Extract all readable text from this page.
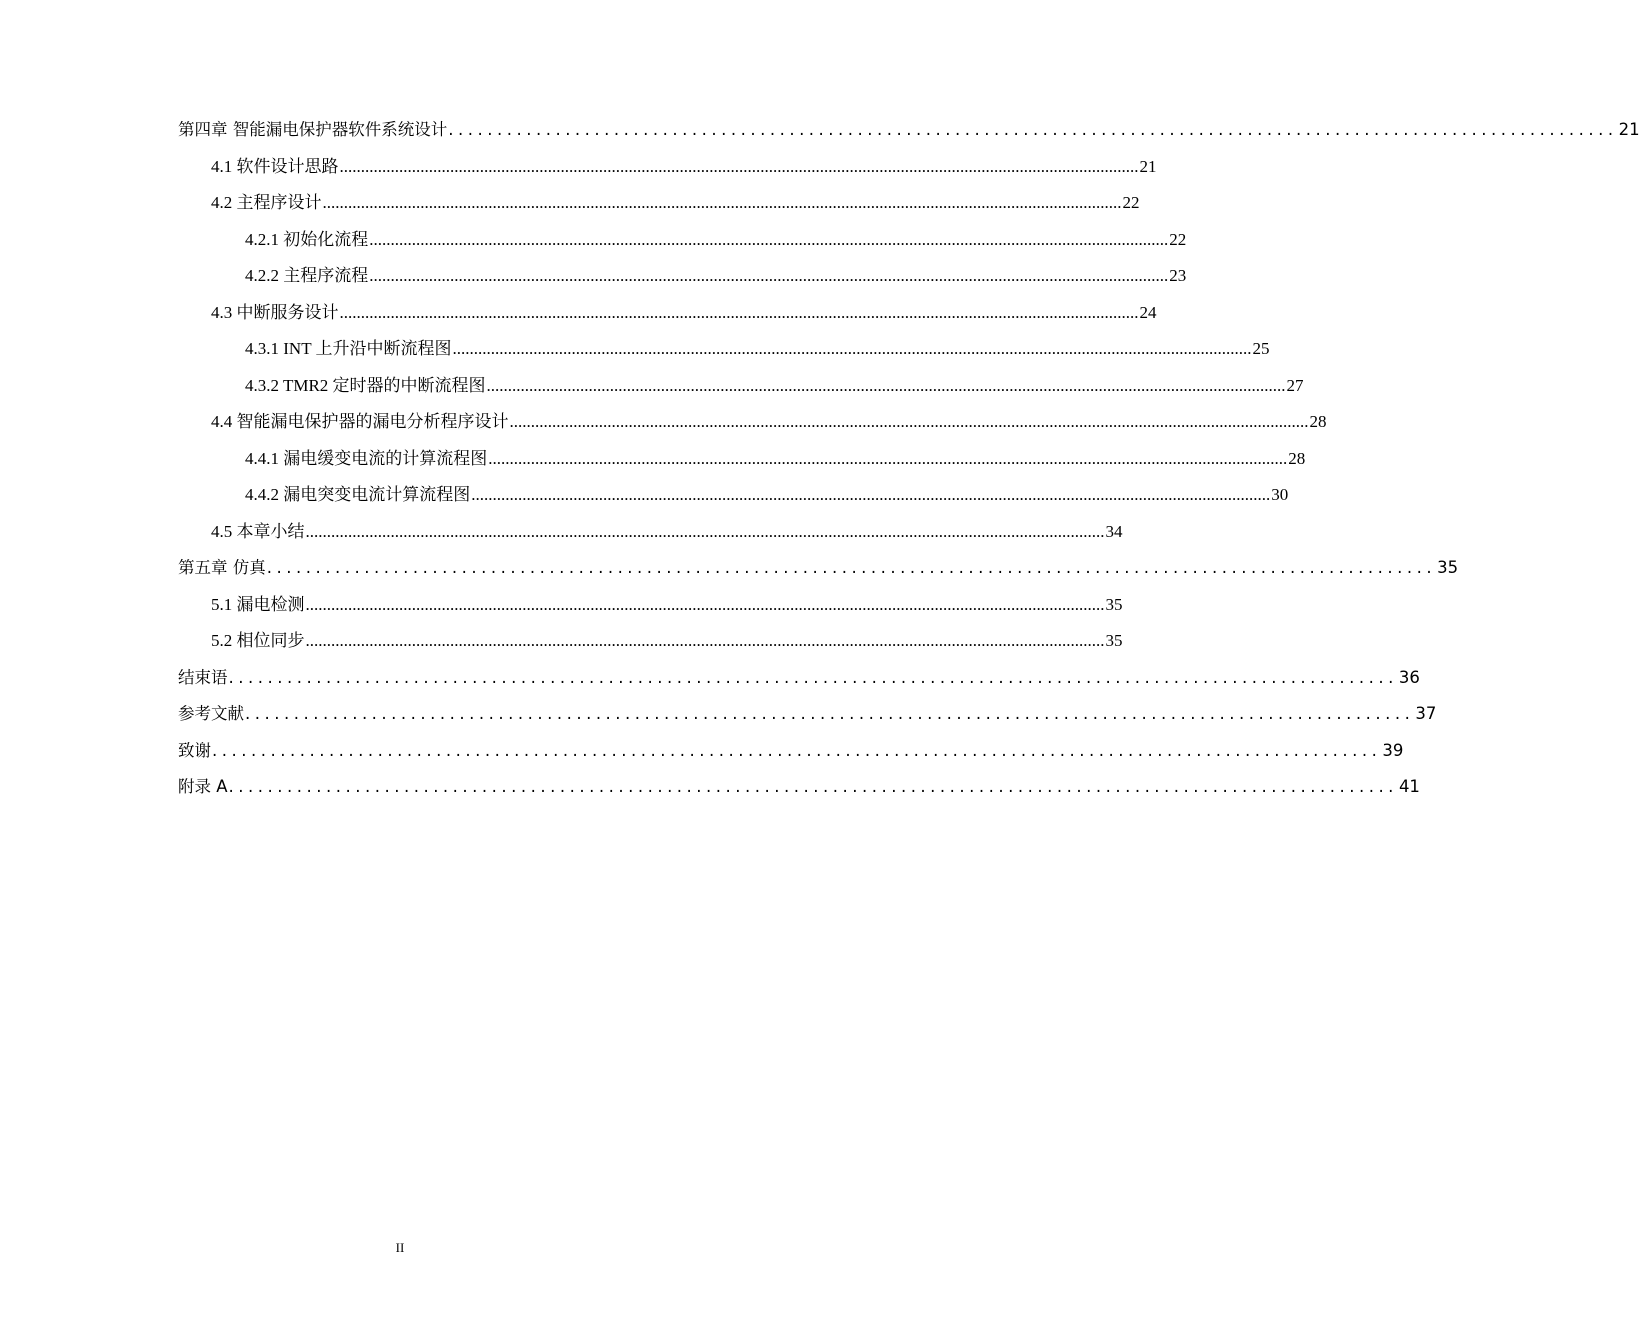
第四章 智能漏电保护器软件系统设计 ........................................................................................................................ 21
4.1 软件设计思路 ............................................................................................................................................................................................ 21
4.2 主程序设计 ............................................................................................................................................................................................ 22
4.2.1 初始化流程 ............................................................................................................................................................................................ 22
4.2.2 主程序流程 ............................................................................................................................................................................................ 23
4.3 中断服务设计 ............................................................................................................................................................................................ 24
4.3.1 INT 上升沿中断流程图 ............................................................................................................................................................................................ 25
4.3.2 TMR2 定时器的中断流程图 ............................................................................................................................................................................................ 27
4.4 智能漏电保护器的漏电分析程序设计 ............................................................................................................................................................................................ 28
4.4.1 漏电缓变电流的计算流程图 ............................................................................................................................................................................................ 28
4.4.2 漏电突变电流计算流程图 ............................................................................................................................................................................................ 30
4.5 本章小结 ............................................................................................................................................................................................ 34
第五章 仿真 ........................................................................................................................ 35
5.1 漏电检测 ............................................................................................................................................................................................ 35
5.2 相位同步 ............................................................................................................................................................................................ 35
结束语 ........................................................................................................................ 36
参考文献 ........................................................................................................................ 37
致谢 ........................................................................................................................ 39
附录 A ........................................................................................................................ 41
II
